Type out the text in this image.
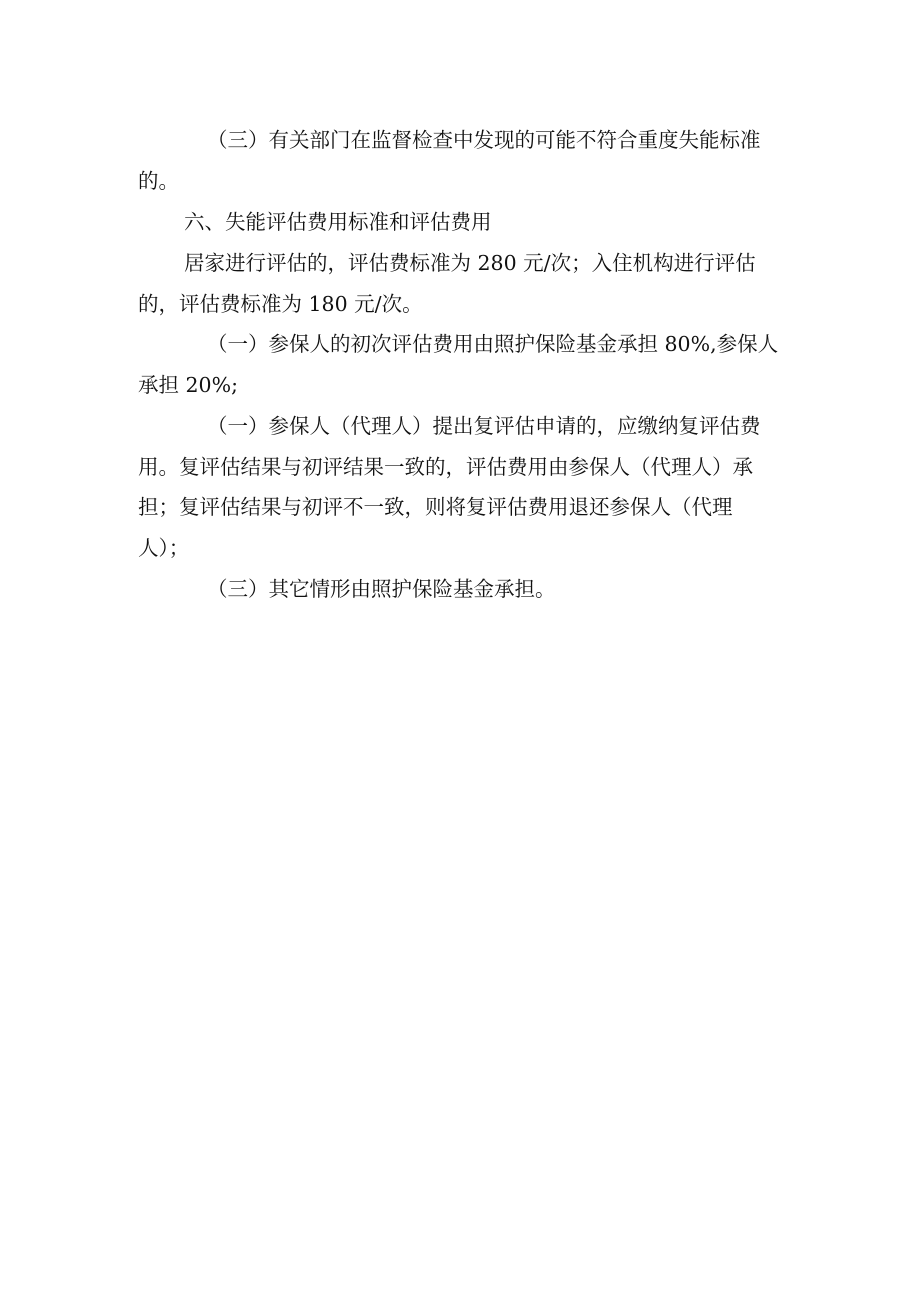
（三）有关部门在监督检查中发现的可能不符合重度失能标准
的。
六、失能评估费用标准和评估费用
居家进行评估的，评估费标准为 280 元/次；入住机构进行评估
的，评估费标准为 180 元/次。
（一）参保人的初次评估费用由照护保险基金承担 80%,参保人
承担 20%;
（一）参保人（代理人）提出复评估申请的，应缴纳复评估费
用。复评估结果与初评结果一致的，评估费用由参保人（代理人）承
担；复评估结果与初评不一致，则将复评估费用退还参保人（代理
人）；
（三）其它情形由照护保险基金承担。
